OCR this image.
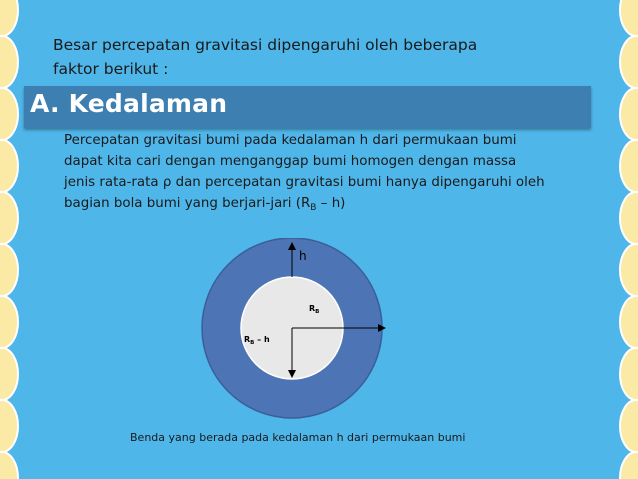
Besar percepatan gravitasi dipengaruhi oleh beberapa
faktor berikut :
A. Kedalaman
Percepatan gravitasi bumi pada kedalaman h dari permukaan bumi
dapat kita cari dengan menganggap bumi homogen dengan massa
jenis rata-rata ρ dan percepatan gravitasi bumi hanya dipengaruhi oleh
bagian bola bumi yang berjari-jari $(R_B - h)$
h
$R_B$
$R_B$ – h
Benda yang berada pada kedalaman h dari permukaan bumi
